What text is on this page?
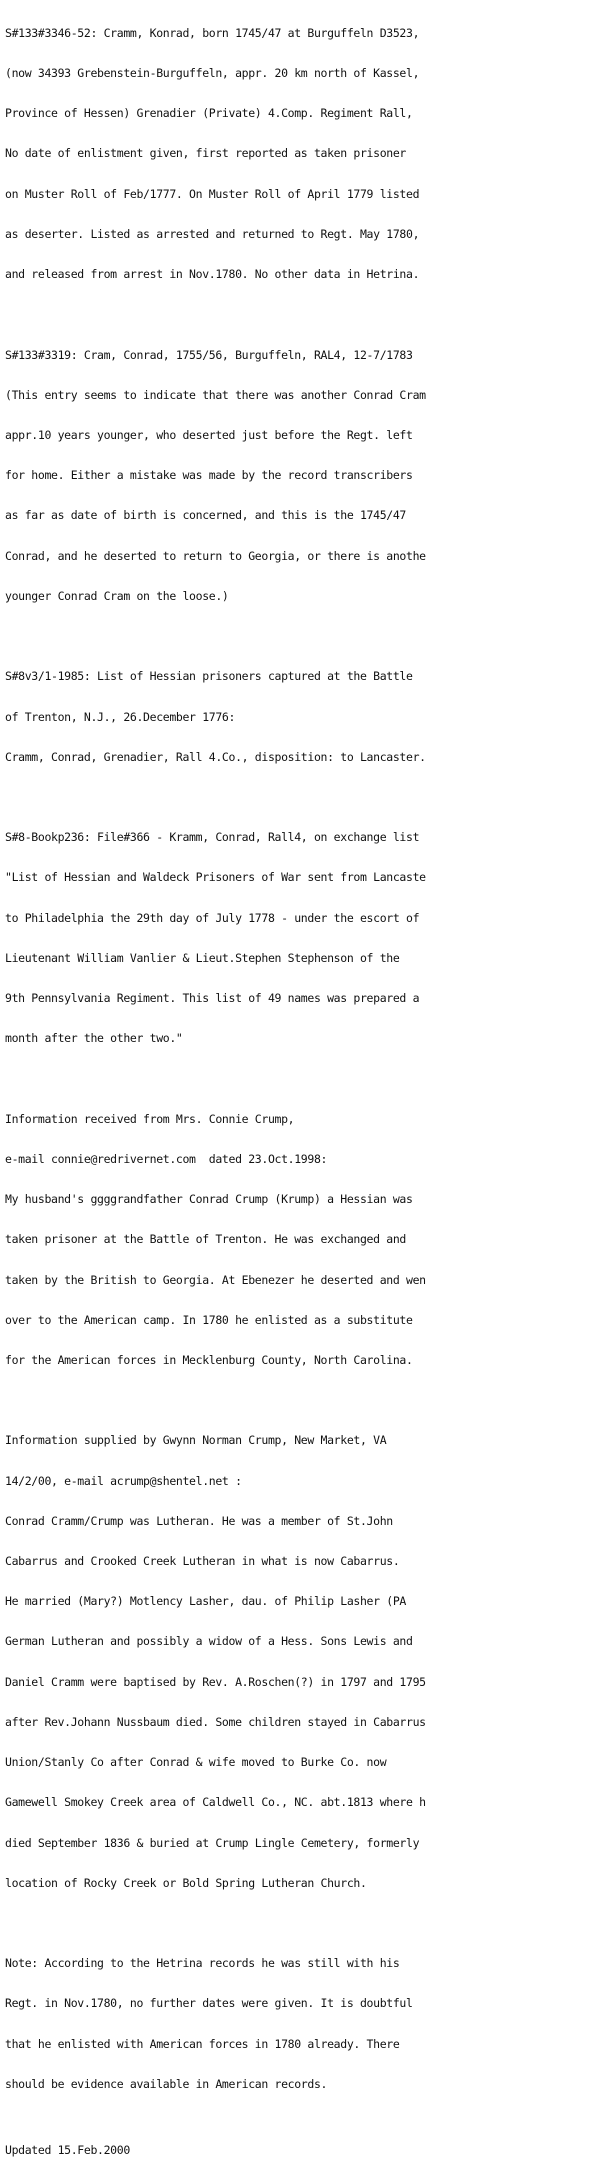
S#133#3346-52: Cramm, Konrad, born 1745/47 at Burguffeln D3523,

(now 34393 Grebenstein-Burguffeln, appr. 20 km north of Kassel,

Province of Hessen) Grenadier (Private) 4.Comp. Regiment Rall,

No date of enlistment given, first reported as taken prisoner

on Muster Roll of Feb/1777. On Muster Roll of April 1779 listed

as deserter. Listed as arrested and returned to Regt. May 1780,

and released from arrest in Nov.1780. No other data in Hetrina.

S#133#3319: Cram, Conrad, 1755/56, Burguffeln, RAL4, 12-7/1783

(This entry seems to indicate that there was another Conrad Cram

appr.10 years younger, who deserted just before the Regt. left

for home. Either a mistake was made by the record transcribers

as far as date of birth is concerned, and this is the 1745/47

Conrad, and he deserted to return to Georgia, or there is anothe

younger Conrad Cram on the loose.)

S#8v3/1-1985: List of Hessian prisoners captured at the Battle

of Trenton, N.J., 26.December 1776:

Cramm, Conrad, Grenadier, Rall 4.Co., disposition: to Lancaster.

S#8-Bookp236: File#366 - Kramm, Conrad, Rall4, on exchange list

"List of Hessian and Waldeck Prisoners of War sent from Lancaste

to Philadelphia the 29th day of July 1778 - under the escort of

Lieutenant William Vanlier & Lieut.Stephen Stephenson of the

9th Pennsylvania Regiment. This list of 49 names was prepared a

month after the other two."

Information received from Mrs. Connie Crump,

e-mail connie@redrivernet.com  dated 23.Oct.1998:

My husband's ggggrandfather Conrad Crump (Krump) a Hessian was

taken prisoner at the Battle of Trenton. He was exchanged and

taken by the British to Georgia. At Ebenezer he deserted and wen

over to the American camp. In 1780 he enlisted as a substitute

for the American forces in Mecklenburg County, North Carolina.

Information supplied by Gwynn Norman Crump, New Market, VA

14/2/00, e-mail acrump@shentel.net :

Conrad Cramm/Crump was Lutheran. He was a member of St.John

Cabarrus and Crooked Creek Lutheran in what is now Cabarrus.

He married (Mary?) Motlency Lasher, dau. of Philip Lasher (PA

German Lutheran and possibly a widow of a Hess. Sons Lewis and

Daniel Cramm were baptised by Rev. A.Roschen(?) in 1797 and 1795

after Rev.Johann Nussbaum died. Some children stayed in Cabarrus

Union/Stanly Co after Conrad & wife moved to Burke Co. now

Gamewell Smokey Creek area of Caldwell Co., NC. abt.1813 where h

died September 1836 & buried at Crump Lingle Cemetery, formerly

location of Rocky Creek or Bold Spring Lutheran Church.

Note: According to the Hetrina records he was still with his

Regt. in Nov.1780, no further dates were given. It is doubtful

that he enlisted with American forces in 1780 already. There

should be evidence available in American records.

Updated 15.Feb.2000
